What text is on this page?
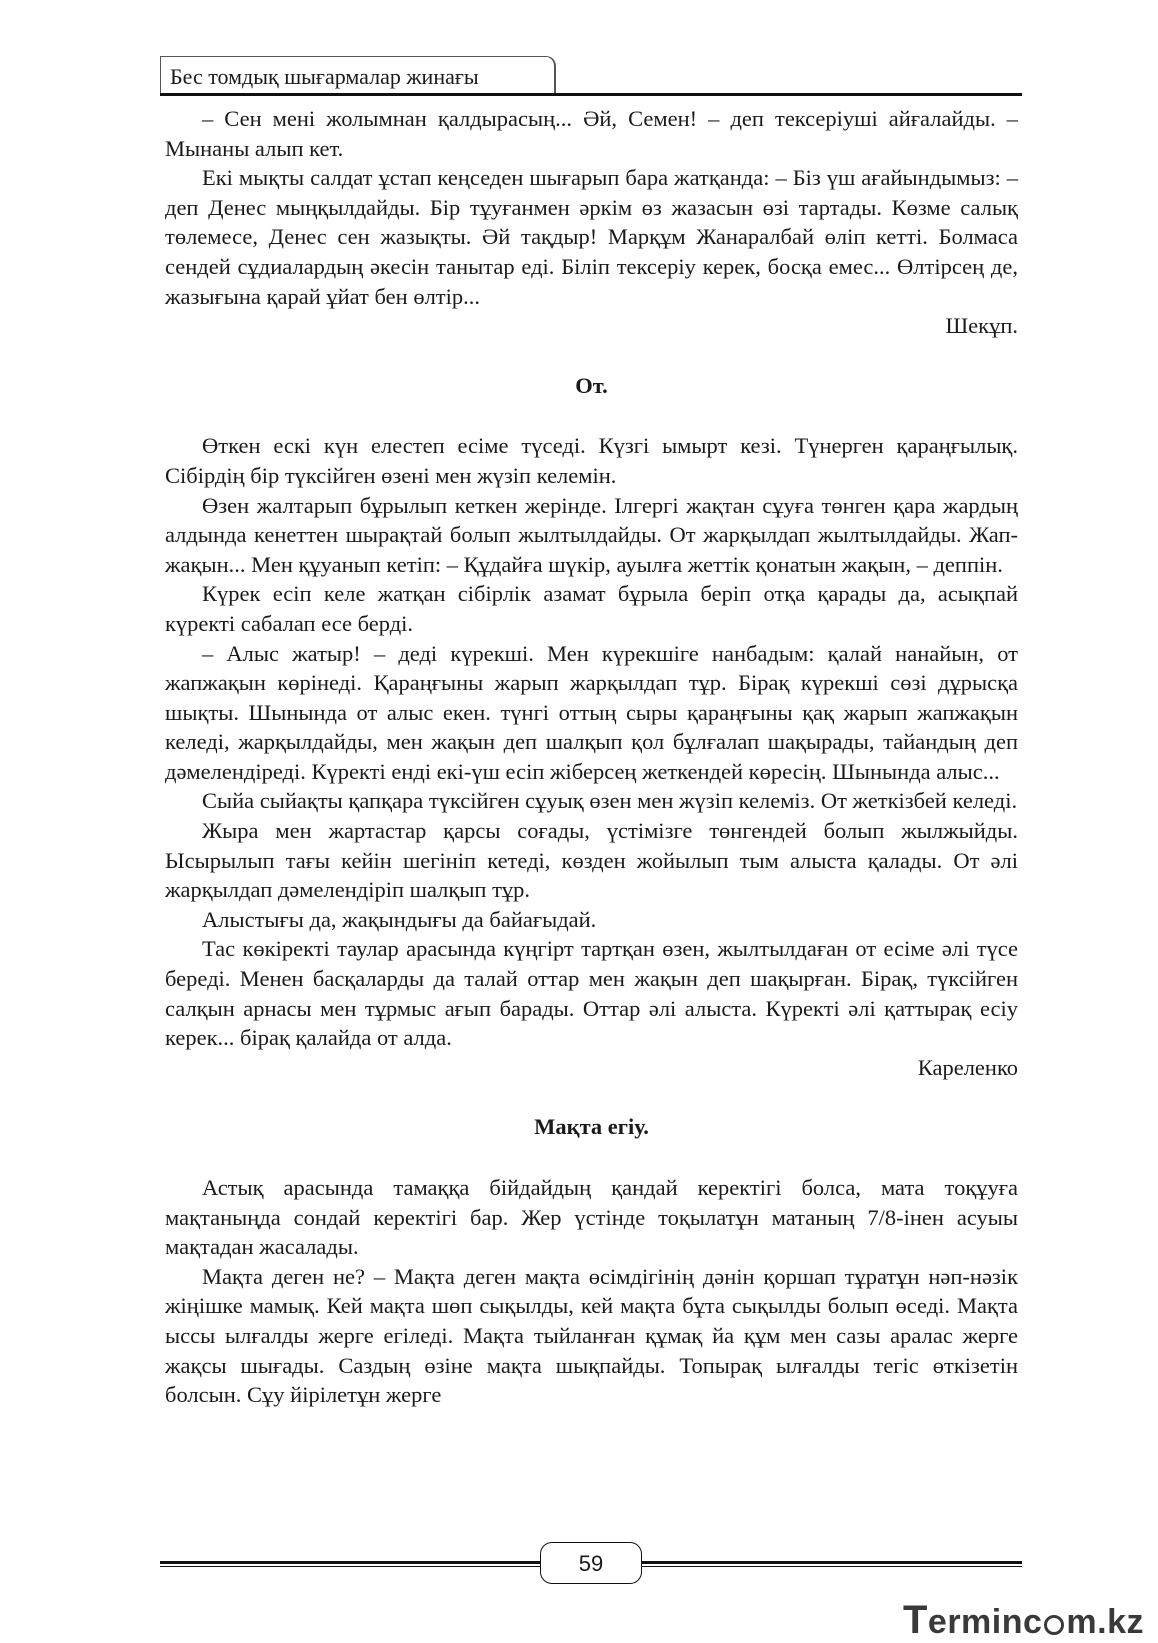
Бес томдық шығармалар жинағы

– Сен мені жолымнан қалдырасың... Әй, Семен! – деп тексеріуші айғалайды. – Мынаны алып кет.

Екі мықты салдат ұстап кеңседен шығарып бара жатқанда: – Біз үш ағайындымыз: – деп Денес мыңқылдайды. Бір тұуғанмен әркім өз жазасын өзі тартады. Көзме салық төлемесе, Денес сен жазықты. Әй тақдыр! Марқұм Жанаралбай өліп кетті. Болмаса сендей сұдиалардың әкесін танытар еді. Біліп тексеріу керек, босқа емес... Өлтірсең де, жазығына қарай ұйат бен өлтір...

Шекұп.
От.

Өткен ескі күн елестеп есіме түседі. Күзгі ымырт кезі. Түнерген қараңғылық. Сібірдің бір түксійген өзені мен жүзіп келемін.

Өзен жалтарып бұрылып кеткен жерінде. Ілгергі жақтан сұуға төнген қара жардың алдында кенеттен шырақтай болып жылтылдайды. От жарқылдап жылтылдайды. Жап-жақын... Мен құуанып кетіп: – Құдайға шүкір, ауылға жеттік қонатын жақын, – деппін.

Күрек есіп келе жатқан сібірлік азамат бұрыла беріп отқа қарады да, асықпай күректі сабалап есе берді.

– Алыс жатыр! – деді күрекші. Мен күрекшіге нанбадым: қалай нанайын, от жапжақын көрінеді. Қараңғыны жарып жарқылдап тұр. Бірақ күрекші сөзі дұрысқа шықты. Шынында от алыс екен. түнгі оттың сыры қараңғыны қақ жарып жапжақын келеді, жарқылдайды, мен жақын деп шалқып қол бұлғалап шақырады, тайандың деп дәмелендіреді. Күректі енді екі-үш есіп жіберсең жеткендей көресің. Шынында алыс...

Сыйа сыйақты қапқара түксійген сұуық өзен мен жүзіп келеміз. От жеткізбей келеді.

Жыра мен жартастар қарсы соғады, үстімізге төнгендей болып жылжыйды. Ысырылып тағы кейін шегініп кетеді, көзден жойылып тым алыста қалады. От әлі жарқылдап дәмелендіріп шалқып тұр.

Алыстығы да, жақындығы да байағыдай.

Тас көкіректі таулар арасында күңгірт тартқан өзен, жылтылдаған от есіме әлі түсе береді. Менен басқаларды да талай оттар мен жақын деп шақырған. Бірақ, түксійген салқын арнасы мен тұрмыс ағып барады. Оттар әлі алыста. Күректі әлі қаттырақ есіу керек... бірақ қалайда от алда.

Кареленко
Мақта егіу.

Астық арасында тамаққа бійдайдың қандай керектігі болса, мата тоқұуға мақтаныңда сондай керектігі бар. Жер үстінде тоқылатұн матаның 7/8-інен асуыы мақтадан жасалады.

Мақта деген не? – Мақта деген мақта өсімдігінің дәнін қоршап тұратұн нәп-нәзік жіңішке мамық. Кей мақта шөп сықылды, кей мақта бұта сықылды болып өседі. Мақта ыссы ылғалды жерге егіледі. Мақта тыйланған құмақ йа құм мен сазы аралас жерге жақсы шығады. Саздың өзіне мақта шықпайды. Топырақ ылғалды тегіс өткізетін болсын. Сұу йірілетұн жерге

59
Terminc m.kz
